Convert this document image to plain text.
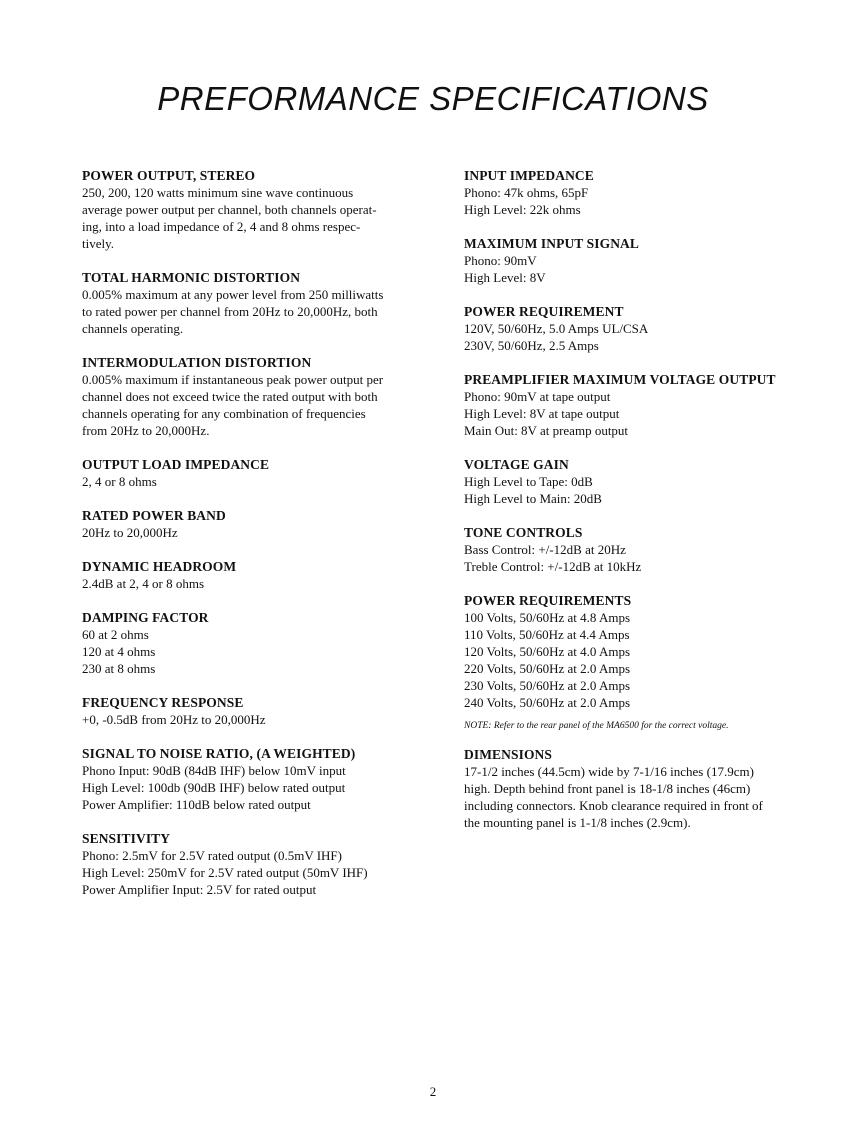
PREFORMANCE SPECIFICATIONS
POWER OUTPUT, STEREO
250, 200, 120 watts minimum sine wave continuous
average power output per channel, both channels operat-
ing, into a load impedance of 2, 4 and 8 ohms respec-
tively.
TOTAL HARMONIC DISTORTION
0.005% maximum at any power level from 250 milliwatts
to rated power per channel from 20Hz to 20,000Hz, both
channels operating.
INTERMODULATION DISTORTION
0.005% maximum if instantaneous peak power output per
channel does not exceed twice the rated output with both
channels operating for any combination of frequencies
from 20Hz to 20,000Hz.
OUTPUT LOAD IMPEDANCE
2, 4 or 8 ohms
RATED POWER BAND
20Hz to 20,000Hz
DYNAMIC HEADROOM
2.4dB at 2, 4 or 8 ohms
DAMPING FACTOR
60 at 2 ohms
120 at 4 ohms
230 at 8 ohms
FREQUENCY RESPONSE
+0, -0.5dB from 20Hz to 20,000Hz
SIGNAL TO NOISE RATIO, (A WEIGHTED)
Phono Input: 90dB (84dB IHF) below 10mV input
High Level: 100db (90dB IHF) below rated output
Power Amplifier: 110dB below rated output
SENSITIVITY
Phono: 2.5mV for 2.5V rated output (0.5mV IHF)
High Level: 250mV for 2.5V rated output (50mV IHF)
Power Amplifier Input: 2.5V for rated output
INPUT IMPEDANCE
Phono: 47k ohms, 65pF
High Level: 22k ohms
MAXIMUM INPUT SIGNAL
Phono: 90mV
High Level: 8V
POWER REQUIREMENT
120V, 50/60Hz, 5.0 Amps UL/CSA
230V, 50/60Hz, 2.5 Amps
PREAMPLIFIER MAXIMUM VOLTAGE OUTPUT
Phono: 90mV at tape output
High Level: 8V at tape output
Main Out: 8V at preamp output
VOLTAGE GAIN
High Level to Tape: 0dB
High Level to Main: 20dB
TONE CONTROLS
Bass Control: +/-12dB at 20Hz
Treble Control: +/-12dB at 10kHz
POWER REQUIREMENTS
100 Volts, 50/60Hz at 4.8 Amps
110 Volts, 50/60Hz at 4.4 Amps
120 Volts, 50/60Hz at 4.0 Amps
220 Volts, 50/60Hz at 2.0 Amps
230 Volts, 50/60Hz at 2.0 Amps
240 Volts, 50/60Hz at 2.0 Amps
NOTE: Refer to the rear panel of the MA6500 for the correct voltage.
DIMENSIONS
17-1/2 inches (44.5cm) wide by 7-1/16 inches (17.9cm)
high. Depth behind front panel is 18-1/8 inches (46cm)
including connectors. Knob clearance required in front of
the mounting panel is 1-1/8 inches (2.9cm).
2
